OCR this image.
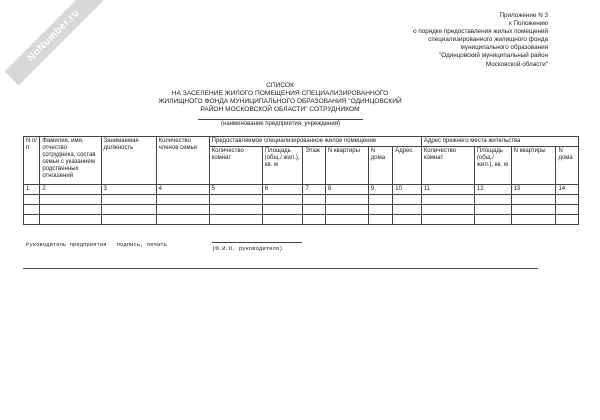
NoNumber.ru	Приложение N 3
к Положению
о порядке предоставления жилых помещений
специализированного жилищного фонда
муниципального образования
"Одинцовский муниципальный район
Московской области"
СПИСОК
НА ЗАСЕЛЕНИЕ ЖИЛОГО ПОМЕЩЕНИЯ СПЕЦИАЛИЗИРОВАННОГО
ЖИЛИЩНОГО ФОНДА МУНИЦИПАЛЬНОГО ОБРАЗОВАНИЯ "ОДИНЦОВСКИЙ
РАЙОН МОСКОВСКОЙ ОБЛАСТИ" СОТРУДНИКОМ
(наименование предприятия, учреждения)
N п/п	Фамилия, имя, отчество сотрудника, состав семьи с указанием родственных отношений	Занимаемая должность	Количество членов семьи	Предоставляемое специализированное жилое помещение						Адрес прежнего места жительства			
				Количество комнат	Площадь (общ./ жил.), кв. м	Этаж	N квартиры	N дома	Адрес	Количество комнат	Площадь (общ./ жил.), кв. м	N квартиры	N дома
1	2	3	4	5	6	7	8	9	10	11	12	13	14

Руководитель предприятия   подпись, печать
(Ф.И.О. руководителя)
